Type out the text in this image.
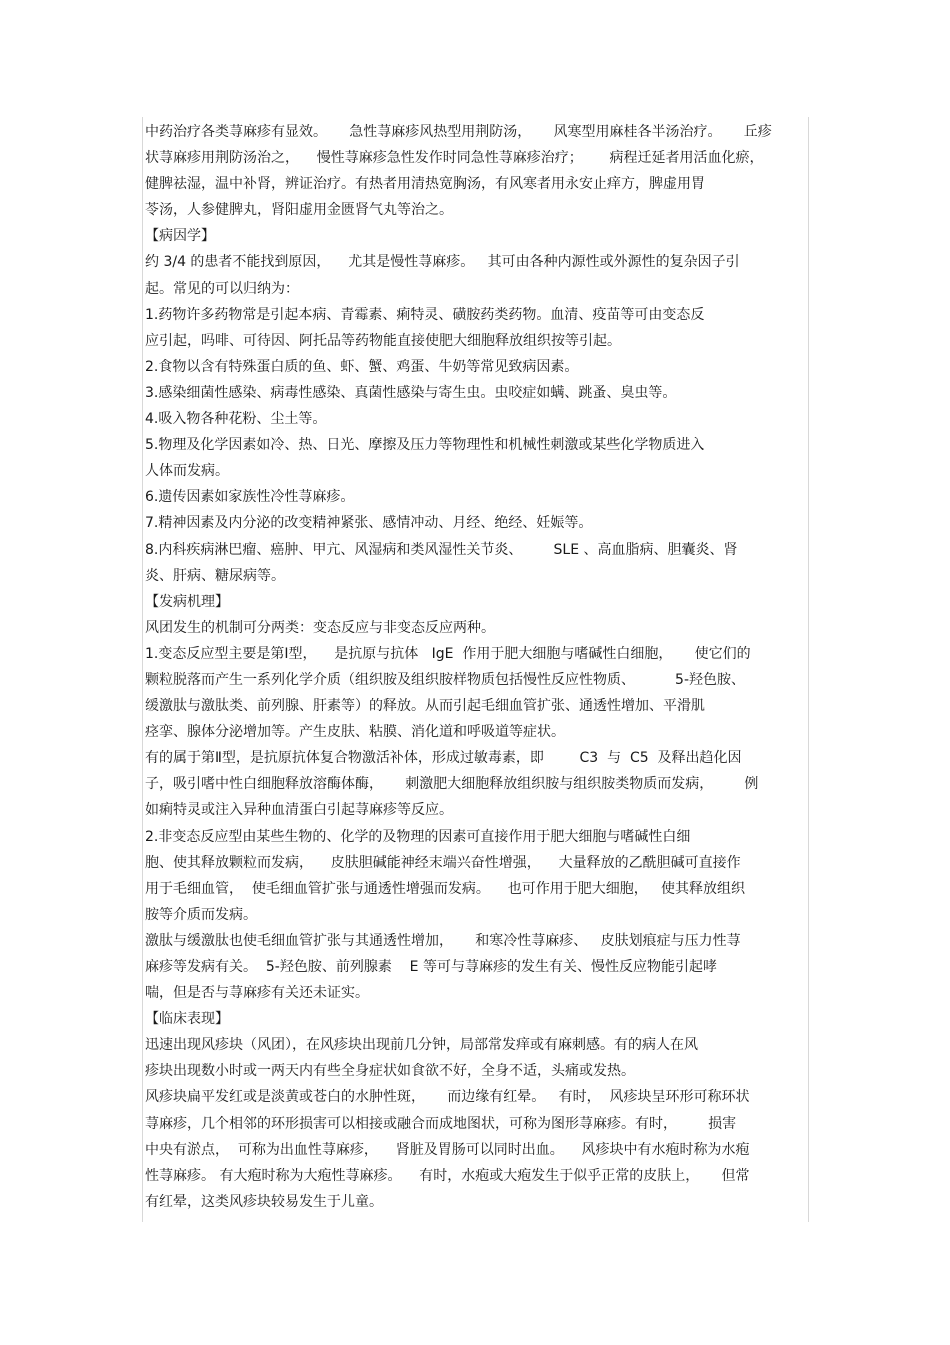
中药治疗各类荨麻疹有显效。     急性荨麻疹风热型用荆防汤，     风寒型用麻桂各半汤治疗。     丘疹
状荨麻疹用荆防汤治之，    慢性荨麻疹急性发作时同急性荨麻疹治疗；      病程迁延者用活血化瘀，
健脾祛湿，温中补肾，辨证治疗。有热者用清热宽胸汤，有风寒者用永安止痒方，脾虚用胃
苓汤，人参健脾丸，肾阳虚用金匮肾气丸等治之。
【病因学】
约 3/4 的患者不能找到原因，    尤其是慢性荨麻疹。   其可由各种内源性或外源性的复杂因子引
起。常见的可以归纳为：
1.药物许多药物常是引起本病、青霉素、痢特灵、磺胺药类药物。血清、疫苗等可由变态反
应引起，吗啡、可待因、阿托品等药物能直接使肥大细胞释放组织按等引起。
2.食物以含有特殊蛋白质的鱼、虾、蟹、鸡蛋、牛奶等常见致病因素。
3.感染细菌性感染、病毒性感染、真菌性感染与寄生虫。虫咬症如螨、跳蚤、臭虫等。
4.吸入物各种花粉、尘土等。
5.物理及化学因素如冷、热、日光、摩擦及压力等物理性和机械性刺激或某些化学物质进入
人体而发病。
6.遗传因素如家族性冷性荨麻疹。
7.精神因素及内分泌的改变精神紧张、感情冲动、月经、绝经、妊娠等。
8.内科疾病淋巴瘤、癌肿、甲亢、风湿病和类风湿性关节炎、       SLE 、高血脂病、胆囊炎、肾
炎、肝病、糖尿病等。
【发病机理】
风团发生的机制可分两类：变态反应与非变态反应两种。
1.变态反应型主要是第Ⅰ型，    是抗原与抗体   IgE  作用于肥大细胞与嗜碱性白细胞，     使它们的
颗粒脱落而产生一系列化学介质（组织胺及组织胺样物质包括慢性反应性物质、         5-羟色胺、
缓激肽与激肽类、前列腺、肝素等）的释放。从而引起毛细血管扩张、通透性增加、平滑肌
痉挛、腺体分泌增加等。产生皮肤、粘膜、消化道和呼吸道等症状。
有的属于第Ⅱ型，是抗原抗体复合物激活补体，形成过敏毒素，即        C3  与  C5  及释出趋化因
子，吸引嗜中性白细胞释放溶酶体酶，     刺激肥大细胞释放组织胺与组织胺类物质而发病，       例
如痢特灵或注入异种血清蛋白引起荨麻疹等反应。
2.非变态反应型由某些生物的、化学的及物理的因素可直接作用于肥大细胞与嗜碱性白细
胞、使其释放颗粒而发病，    皮肤胆碱能神经末端兴奋性增强，    大量释放的乙酰胆碱可直接作
用于毛细血管，  使毛细血管扩张与通透性增强而发病。    也可作用于肥大细胞，   使其释放组织
胺等介质而发病。
激肽与缓激肽也使毛细血管扩张与其通透性增加，     和寒冷性荨麻疹、   皮肤划痕症与压力性荨
麻疹等发病有关。  5-羟色胺、前列腺素    E 等可与荨麻疹的发生有关、慢性反应物能引起哮
喘，但是否与荨麻疹有关还未证实。
【临床表现】
迅速出现风疹块（风团），在风疹块出现前几分钟，局部常发痒或有麻刺感。有的病人在风
疹块出现数小时或一两天内有些全身症状如食欲不好，全身不适，头痛或发热。
风疹块扁平发红或是淡黄或苍白的水肿性斑，     而边缘有红晕。   有时，  风疹块呈环形可称环状
荨麻疹，几个相邻的环形损害可以相接或融合而成地图状，可称为图形荨麻疹。有时，       损害
中央有淤点，  可称为出血性荨麻疹，    肾脏及胃肠可以同时出血。    风疹块中有水疱时称为水疱
性荨麻疹。 有大疱时称为大疱性荨麻疹。    有时，水疱或大疱发生于似乎正常的皮肤上，     但常
有红晕，这类风疹块较易发生于儿童。
